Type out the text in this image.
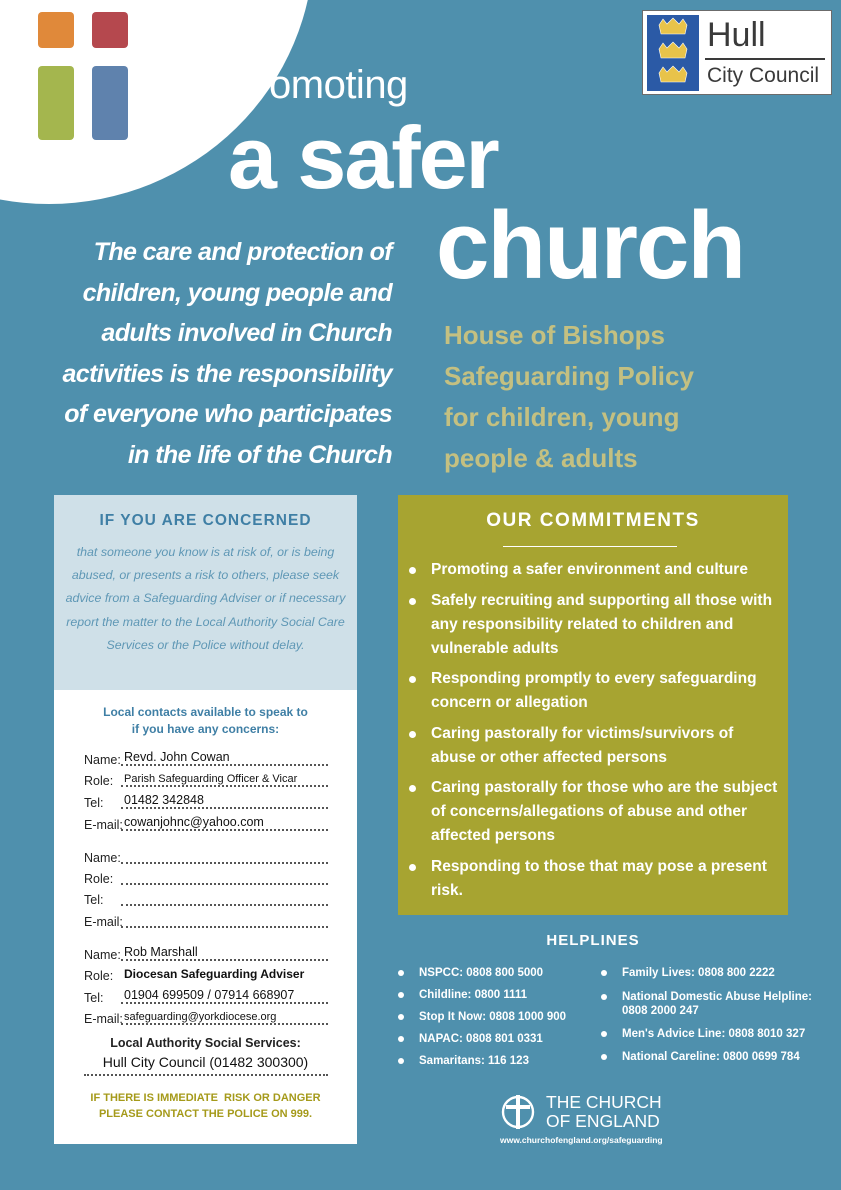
Hull
City Council
Promoting
a safer
church
The care and protection of
children, young people and
adults involved in Church
activities is the responsibility
of everyone who participates
in the life of the Church
House of Bishops
Safeguarding Policy
for children, young
people & adults
IF YOU ARE CONCERNED
that someone you know is at risk of, or is being abused, or presents a risk to others, please seek advice from a Safeguarding Adviser or if necessary report the matter to the Local Authority Social Care Services or the Police without delay.
Local contacts available to speak to
if you have any concerns:
Name: Revd. John Cowan
Role: Parish Safeguarding Officer & Vicar
Tel: 01482 342848
E-mail: cowanjohnc@yahoo.com
Name:
Role:
Tel:
E-mail:
Name: Rob Marshall
Role: Diocesan Safeguarding Adviser
Tel: 01904 699509 / 07914 668907
E-mail: safeguarding@yorkdiocese.org
Local Authority Social Services:
Hull City Council (01482 300300)
IF THERE IS IMMEDIATE  RISK OR DANGER
PLEASE CONTACT THE POLICE ON 999.
OUR COMMITMENTS
Promoting a safer environment and culture
Safely recruiting and supporting all those with any responsibility related to children and vulnerable adults
Responding promptly to every safeguarding concern or allegation
Caring pastorally for victims/survivors of abuse or other affected persons
Caring pastorally for those who are the subject of concerns/allegations of abuse and other affected persons
Responding to those that may pose a present risk.
HELPLINES
NSPCC: 0808 800 5000
Childline: 0800 1111
Stop It Now: 0808 1000 900
NAPAC: 0808 801 0331
Samaritans: 116 123
Family Lives: 0808 800 2222
National Domestic Abuse Helpline: 0808 2000 247
Men's Advice Line: 0808 8010 327
National Careline: 0800 0699 784
THE CHURCH
OF ENGLAND
www.churchofengland.org/safeguarding
